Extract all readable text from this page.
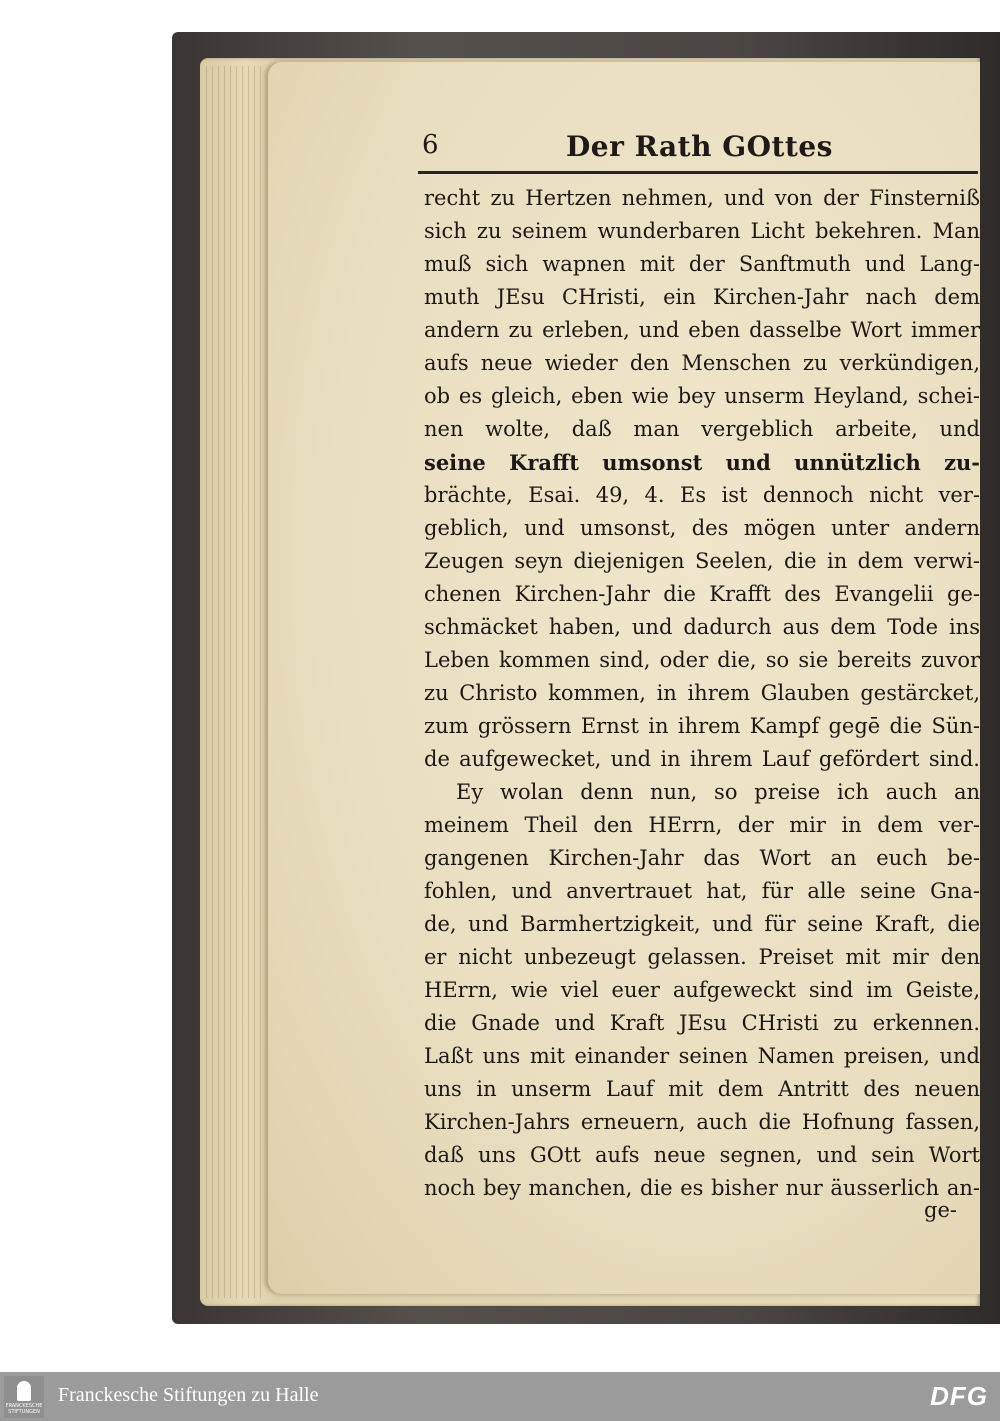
6	Der Rath GOttes
recht zu Hertzen nehmen, und von der Finsterniß
sich zu seinem wunderbaren Licht bekehren. Man
muß sich wapnen mit der Sanftmuth und Lang-
muth JEsu CHristi, ein Kirchen-Jahr nach dem
andern zu erleben, und eben dasselbe Wort immer
aufs neue wieder den Menschen zu verkündigen,
ob es gleich, eben wie bey unserm Heyland, schei-
nen wolte, daß man vergeblich arbeite, und
seine Krafft umsonst und unnützlich zu-
brächte, Esai. 49, 4. Es ist dennoch nicht ver-
geblich, und umsonst, des mögen unter andern
Zeugen seyn diejenigen Seelen, die in dem verwi-
chenen Kirchen-Jahr die Krafft des Evangelii ge-
schmäcket haben, und dadurch aus dem Tode ins
Leben kommen sind, oder die, so sie bereits zuvor
zu Christo kommen, in ihrem Glauben gestärcket,
zum grössern Ernst in ihrem Kampf gegē die Sün-
de aufgewecket, und in ihrem Lauf gefördert sind.
Ey wolan denn nun, so preise ich auch an
meinem Theil den HErrn, der mir in dem ver-
gangenen Kirchen-Jahr das Wort an euch be-
fohlen, und anvertrauet hat, für alle seine Gna-
de, und Barmhertzigkeit, und für seine Kraft, die
er nicht unbezeugt gelassen. Preiset mit mir den
HErrn, wie viel euer aufgeweckt sind im Geiste,
die Gnade und Kraft JEsu CHristi zu erkennen.
Laßt uns mit einander seinen Namen preisen, und
uns in unserm Lauf mit dem Antritt des neuen
Kirchen-Jahrs erneuern, auch die Hofnung fassen,
daß uns GOtt aufs neue segnen, und sein Wort
noch bey manchen, die es bisher nur äusserlich an-
ge-
FRANCKESCHE STIFTUNGEN
Franckesche Stiftungen zu Halle	DFG
